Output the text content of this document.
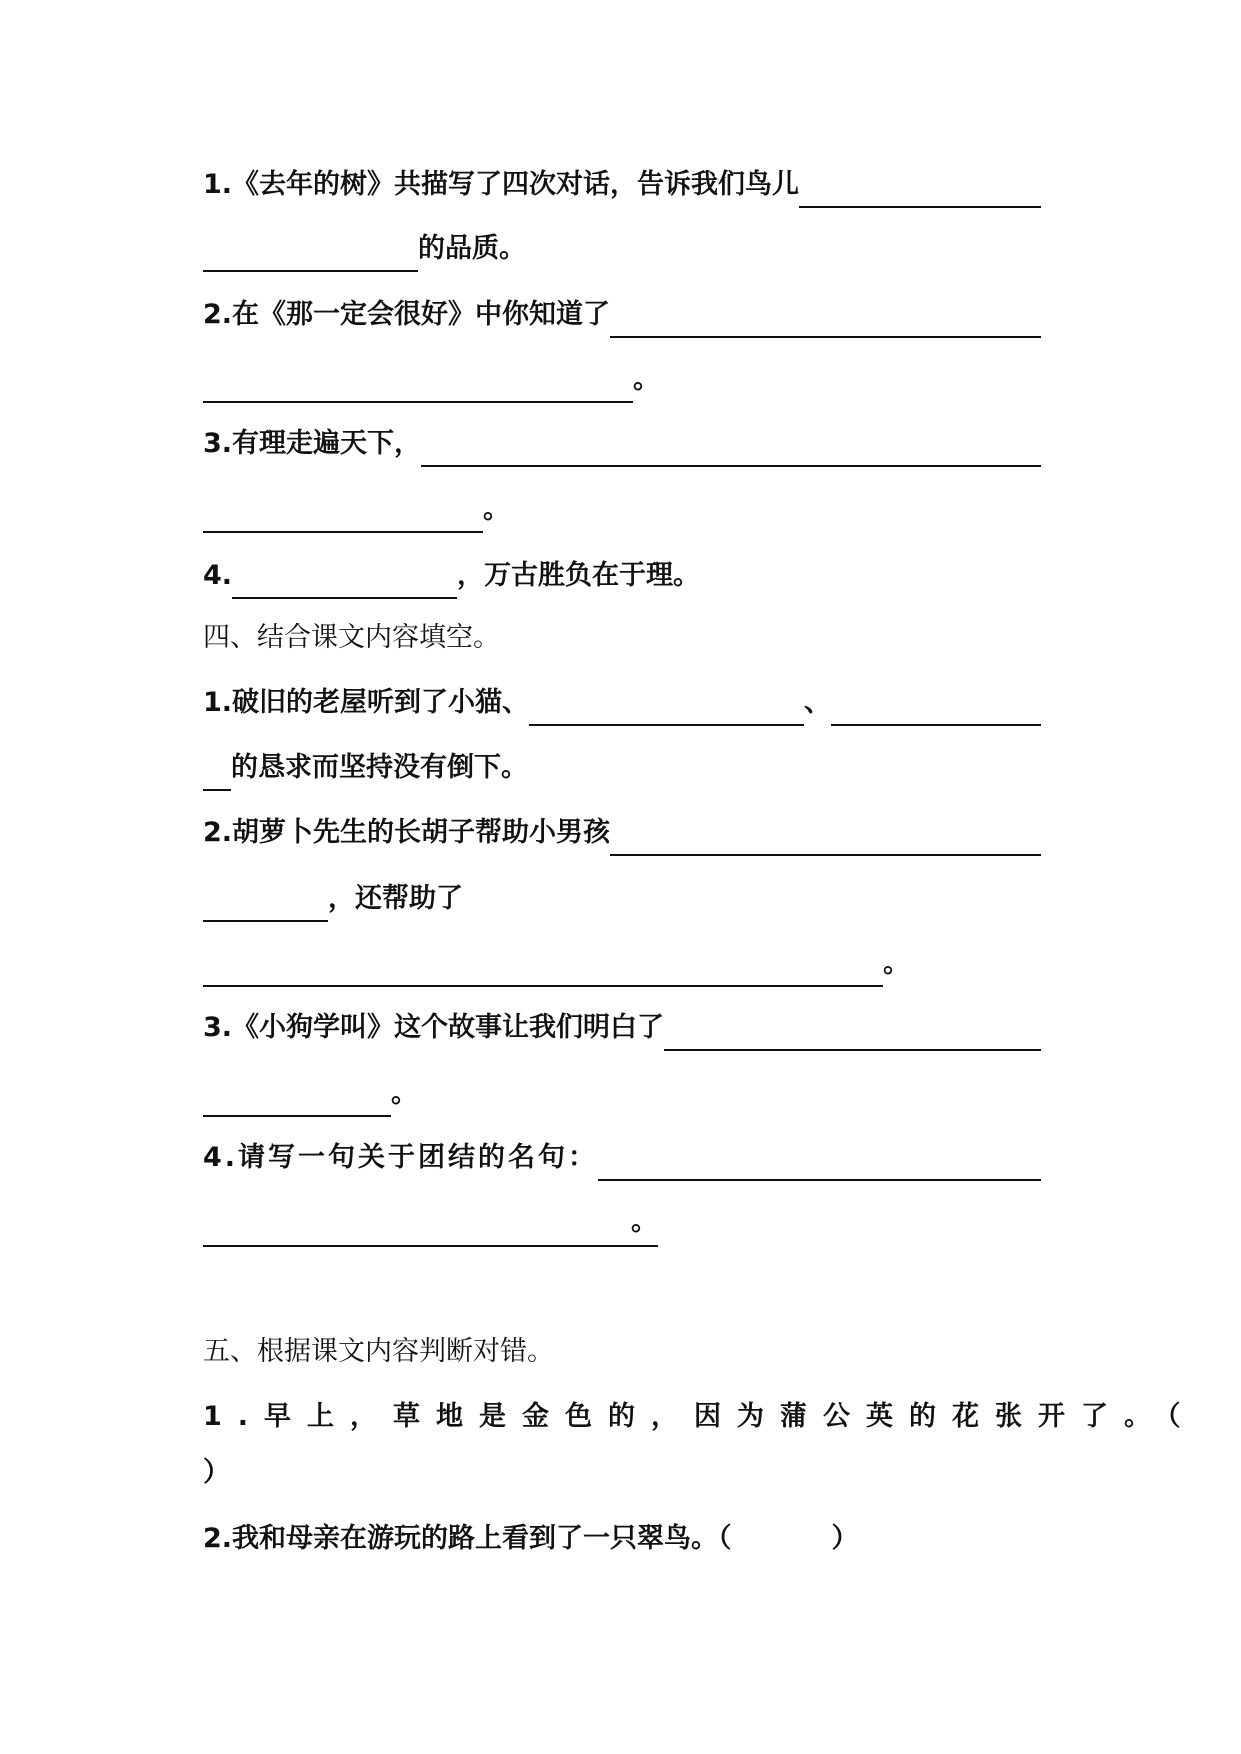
1.《去年的树》共描写了四次对话，告诉我们鸟儿
的品质。
2.在《那一定会很好》中你知道了
。
3.有理走遍天下，
。
4.	，万古胜负在于理。
四、结合课文内容填空。
1.破旧的老屋听到了小猫、	、
的恳求而坚持没有倒下。
2.胡萝卜先生的长胡子帮助小男孩
，还帮助了
。
3.《小狗学叫》这个故事让我们明白了
。
4.请写一句关于团结的名句：
。
五、根据课文内容判断对错。
1.早上，草地是金色的，因为蒲公英的花张开了。（
）
2.我和母亲在游玩的路上看到了一只翠鸟。（	）
